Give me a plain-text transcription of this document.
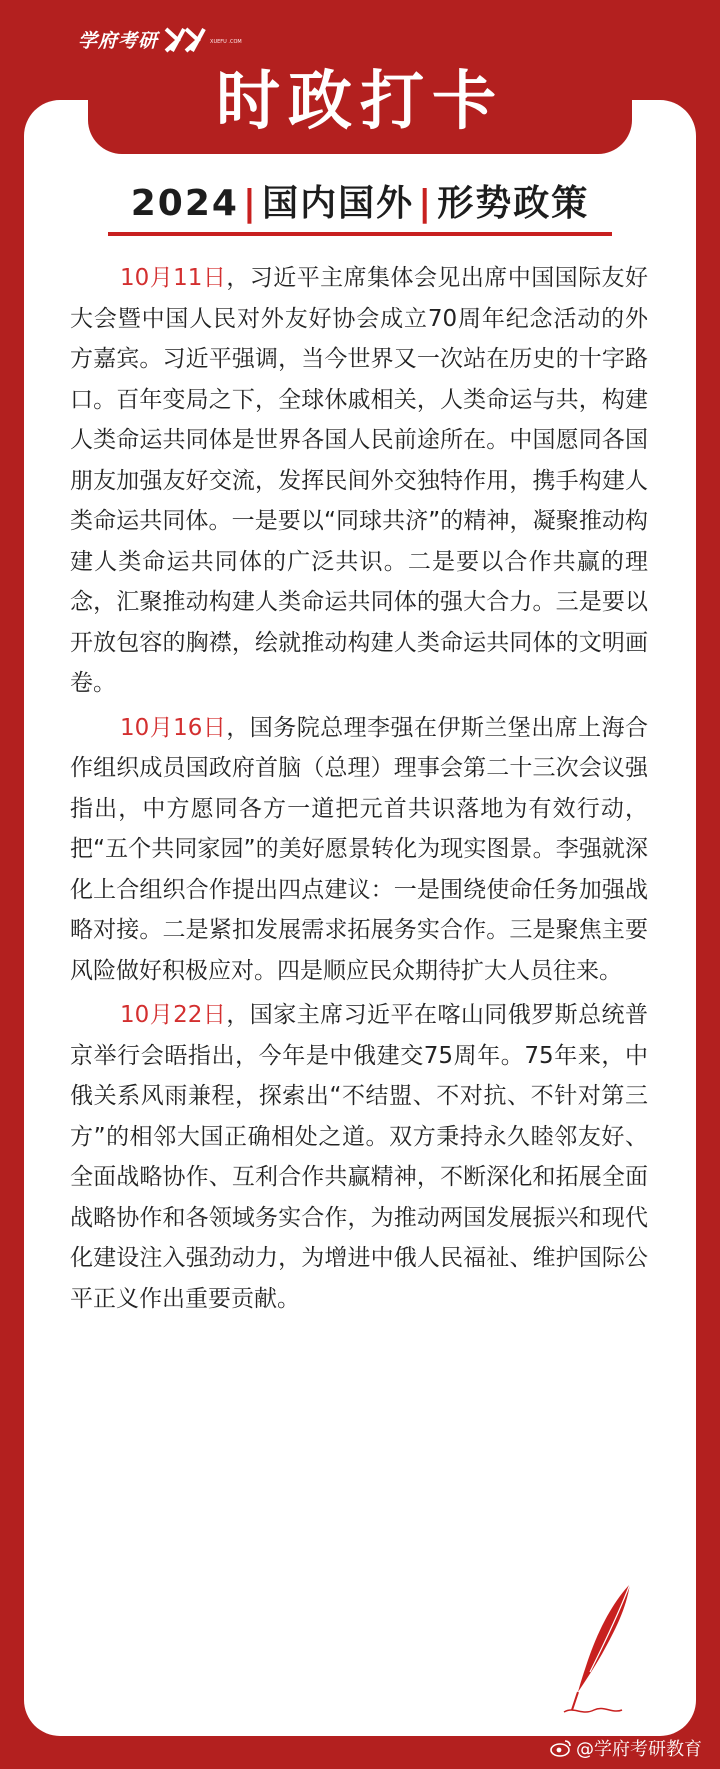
学府考研	XUEFU .COM
时政打卡
2024 | 国内国外 | 形势政策

10月11日，习近平主席集体会见出席中国国际友好大会暨中国人民对外友好协会成立70周年纪念活动的外方嘉宾。习近平强调，当今世界又一次站在历史的十字路口。百年变局之下，全球休戚相关，人类命运与共，构建人类命运共同体是世界各国人民前途所在。中国愿同各国朋友加强友好交流，发挥民间外交独特作用，携手构建人类命运共同体。一是要以“同球共济”的精神，凝聚推动构建人类命运共同体的广泛共识。二是要以合作共赢的理念，汇聚推动构建人类命运共同体的强大合力。三是要以开放包容的胸襟，绘就推动构建人类命运共同体的文明画卷。

10月16日，国务院总理李强在伊斯兰堡出席上海合作组织成员国政府首脑（总理）理事会第二十三次会议强指出，中方愿同各方一道把元首共识落地为有效行动，把“五个共同家园”的美好愿景转化为现实图景。李强就深化上合组织合作提出四点建议：一是围绕使命任务加强战略对接。二是紧扣发展需求拓展务实合作。三是聚焦主要风险做好积极应对。四是顺应民众期待扩大人员往来。

10月22日，国家主席习近平在喀山同俄罗斯总统普京举行会晤指出，今年是中俄建交75周年。75年来，中俄关系风雨兼程，探索出“不结盟、不对抗、不针对第三方”的相邻大国正确相处之道。双方秉持永久睦邻友好、全面战略协作、互利合作共赢精神，不断深化和拓展全面战略协作和各领域务实合作，为推动两国发展振兴和现代化建设注入强劲动力，为增进中俄人民福祉、维护国际公平正义作出重要贡献。

@学府考研教育
